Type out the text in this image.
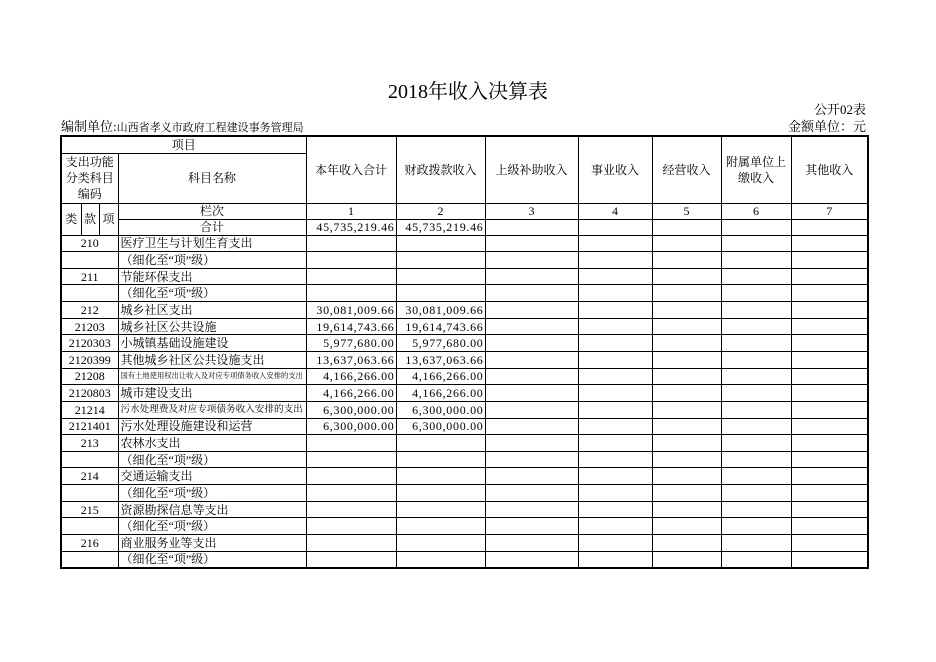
2018年收入决算表
公开02表
编制单位:山西省孝义市政府工程建设事务管理局	金额单位：元
项目				本年收入合计	财政拨款收入	上级补助收入	事业收入	经营收入	附属单位上缴收入	其他收入
支出功能分类科目编码			科目名称							
类	款	项	栏次	1	2	3	4	5	6	7
			合计	45,735,219.46	45,735,219.46					
210			医疗卫生与计划生育支出							
			（细化至“项”级）							
211			节能环保支出							
			（细化至“项”级）							
212			城乡社区支出	30,081,009.66	30,081,009.66					
21203			城乡社区公共设施	19,614,743.66	19,614,743.66					
2120303			小城镇基础设施建设	5,977,680.00	5,977,680.00					
2120399			其他城乡社区公共设施支出	13,637,063.66	13,637,063.66					
21208			国有土地使用权出让收入及对应专项债务收入安排的支出	4,166,266.00	4,166,266.00					
2120803			城市建设支出	4,166,266.00	4,166,266.00					
21214			污水处理费及对应专项债务收入安排的支出	6,300,000.00	6,300,000.00					
2121401			污水处理设施建设和运营	6,300,000.00	6,300,000.00					
213			农林水支出							
			（细化至“项”级）							
214			交通运输支出							
			（细化至“项”级）							
215			资源勘探信息等支出							
			（细化至“项”级）							
216			商业服务业等支出							
			（细化至“项”级）							
